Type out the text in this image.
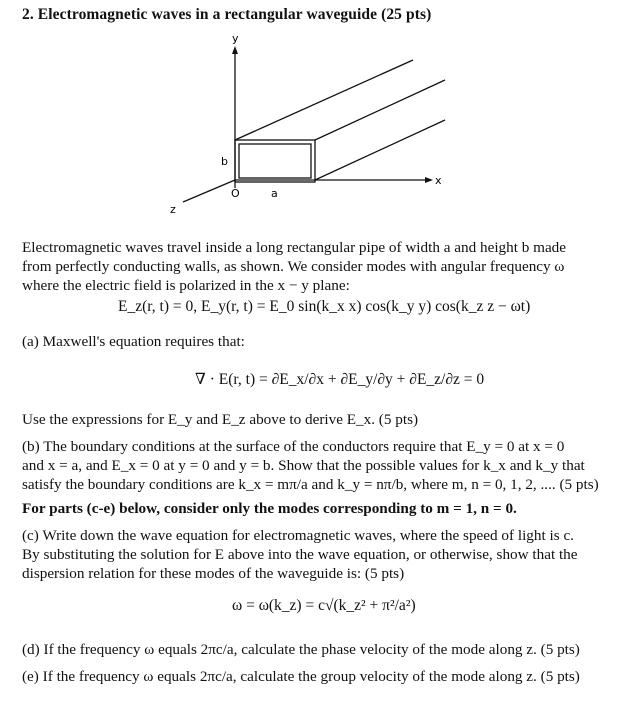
2. Electromagnetic waves in a rectangular waveguide (25 pts)
y
x
z
b
a
O
Electromagnetic waves travel inside a long rectangular pipe of width a and height b made
from perfectly conducting walls, as shown. We consider modes with angular frequency ω
where the electric field is polarized in the x − y plane:
E_z(r, t) = 0, E_y(r, t) = E_0 sin(k_x x) cos(k_y y) cos(k_z z − ωt)
(a) Maxwell's equation requires that:
∇ · E(r, t) = ∂E_x/∂x + ∂E_y/∂y + ∂E_z/∂z = 0
Use the expressions for E_y and E_z above to derive E_x. (5 pts)
(b) The boundary conditions at the surface of the conductors require that E_y = 0 at x = 0
and x = a, and E_x = 0 at y = 0 and y = b. Show that the possible values for k_x and k_y that
satisfy the boundary conditions are k_x = mπ/a and k_y = nπ/b, where m, n = 0, 1, 2, .... (5 pts)
For parts (c-e) below, consider only the modes corresponding to m = 1, n = 0.
(c) Write down the wave equation for electromagnetic waves, where the speed of light is c.
By substituting the solution for E above into the wave equation, or otherwise, show that the
dispersion relation for these modes of the waveguide is: (5 pts)
ω = ω(k_z) = c√(k_z² + π²/a²)
(d) If the frequency ω equals 2πc/a, calculate the phase velocity of the mode along z. (5 pts)
(e) If the frequency ω equals 2πc/a, calculate the group velocity of the mode along z. (5 pts)
